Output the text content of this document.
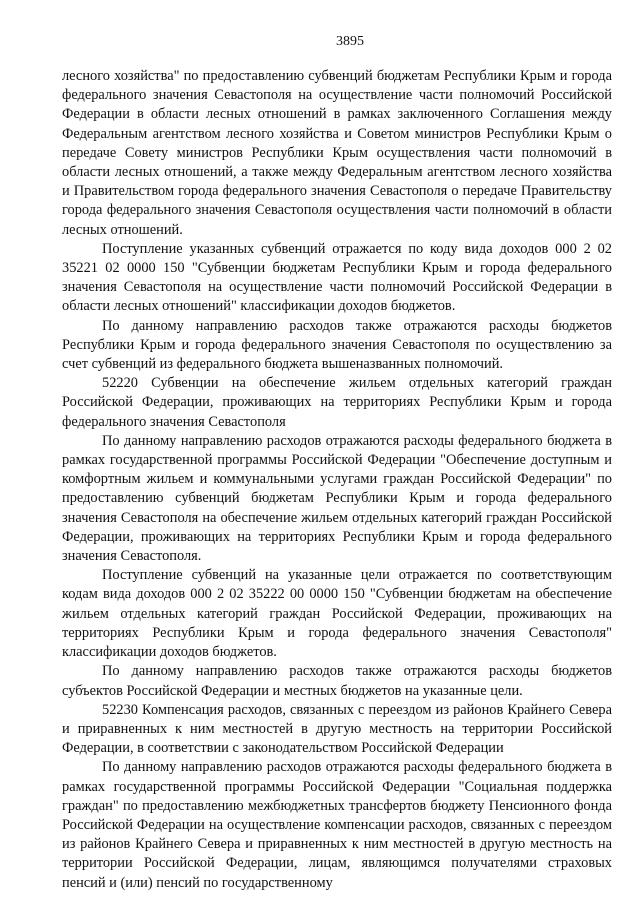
3895

лесного хозяйства" по предоставлению субвенций бюджетам Республики Крым и города федерального значения Севастополя на осуществление части полномочий Российской Федерации в области лесных отношений в рамках заключенного Соглашения между Федеральным агентством лесного хозяйства и Советом министров Республики Крым о передаче Совету министров Республики Крым осуществления части полномочий в области лесных отношений, а также между Федеральным агентством лесного хозяйства и Правительством города федерального значения Севастополя о передаче Правительству города федерального значения Севастополя осуществления части полномочий в области лесных отношений.

Поступление указанных субвенций отражается по коду вида доходов 000 2 02 35221 02 0000 150 "Субвенции бюджетам Республики Крым и города федерального значения Севастополя на осуществление части полномочий Российской Федерации в области лесных отношений" классификации доходов бюджетов.

По данному направлению расходов также отражаются расходы бюджетов Республики Крым и города федерального значения Севастополя по осуществлению за счет субвенций из федерального бюджета вышеназванных полномочий.

52220 Субвенции на обеспечение жильем отдельных категорий граждан Российской Федерации, проживающих на территориях Республики Крым и города федерального значения Севастополя

По данному направлению расходов отражаются расходы федерального бюджета в рамках государственной программы Российской Федерации "Обеспечение доступным и комфортным жильем и коммунальными услугами граждан Российской Федерации" по предоставлению субвенций бюджетам Республики Крым и города федерального значения Севастополя на обеспечение жильем отдельных категорий граждан Российской Федерации, проживающих на территориях Республики Крым и города федерального значения Севастополя.

Поступление субвенций на указанные цели отражается по соответствующим кодам вида доходов 000 2 02 35222 00 0000 150 "Субвенции бюджетам на обеспечение жильем отдельных категорий граждан Российской Федерации, проживающих на территориях Республики Крым и города федерального значения Севастополя" классификации доходов бюджетов.

По данному направлению расходов также отражаются расходы бюджетов субъектов Российской Федерации и местных бюджетов на указанные цели.

52230 Компенсация расходов, связанных с переездом из районов Крайнего Севера и приравненных к ним местностей в другую местность на территории Российской Федерации, в соответствии с законодательством Российской Федерации

По данному направлению расходов отражаются расходы федерального бюджета в рамках государственной программы Российской Федерации "Социальная поддержка граждан" по предоставлению межбюджетных трансфертов бюджету Пенсионного фонда Российской Федерации на осуществление компенсации расходов, связанных с переездом из районов Крайнего Севера и приравненных к ним местностей в другую местность на территории Российской Федерации, лицам, являющимся получателями страховых пенсий и (или) пенсий по государственному
